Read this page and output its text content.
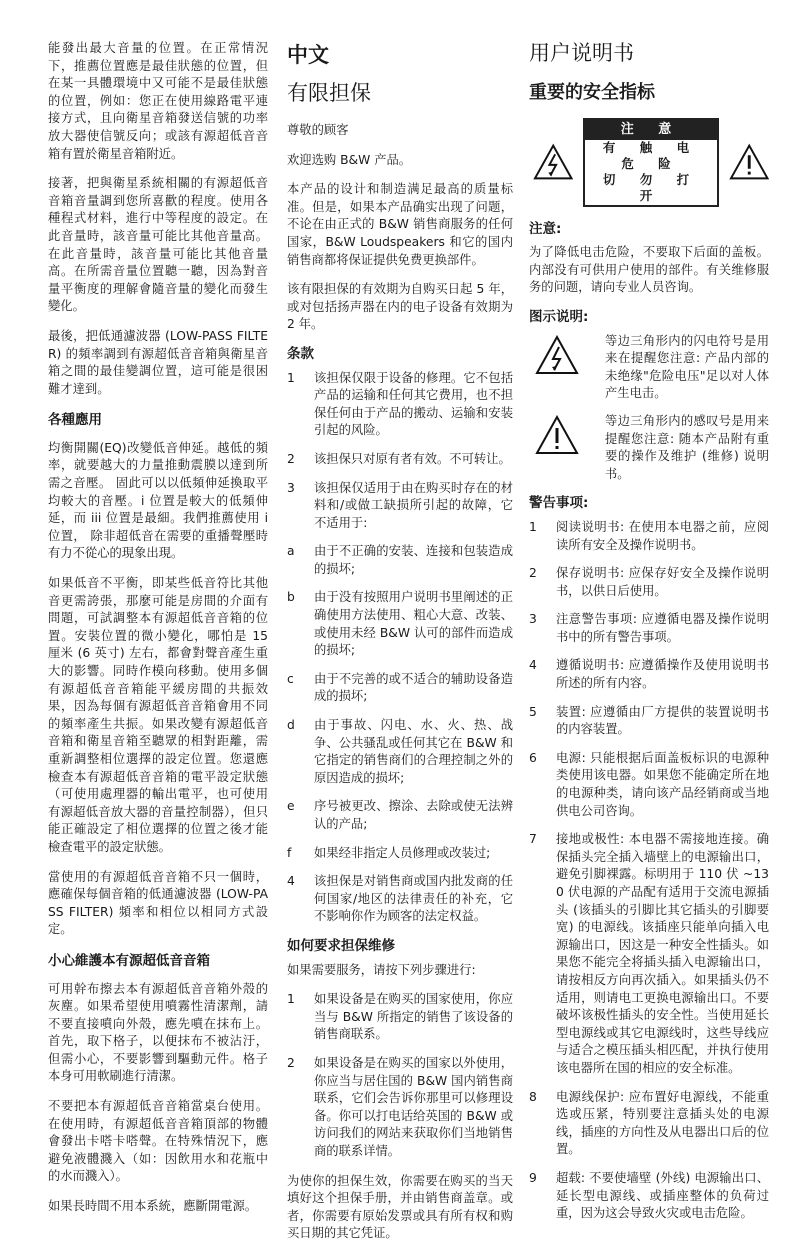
能發出最大音量的位置。在正常情況下，推薦位置應是最佳狀態的位置，但在某一具體環境中又可能不是最佳狀態的位置，例如：您正在使用線路電平連接方式，且向衛星音箱發送信號的功率放大器使信號反向；或該有源超低音音箱有置於衛星音箱附近。

接著，把與衛星系統相關的有源超低音音箱音量調到您所喜歡的程度。使用各種程式材料，進行中等程度的設定。在此音量時，該音量可能比其他音量高。在此音量時，該音量可能比其他音量高。在所需音量位置聽一聽，因為對音量平衡度的理解會隨音量的變化而發生變化。

最後，把低通濾波器 (LOW-PASS FILTER) 的頻率調到有源超低音音箱與衛星音箱之間的最佳變調位置，這可能是很困難才達到。

各種應用

均衡開關(EQ)改變低音伸延。越低的頻率，就要越大的力量推動震膜以達到所需之音壓。 固此可以以低頻伸延換取平均較大的音壓。i 位置是較大的低頻伸延，而 iii 位置是最細。我們推薦使用 i 位置， 除非超低音在需要的重播聲壓時有力不從心的現象出現。

如果低音不平衡，即某些低音符比其他音更需誇張，那麼可能是房間的介面有問題，可試調整本有源超低音音箱的位置。安裝位置的微小變化，哪怕是 15 厘米 (6 英寸) 左右，都會對聲音產生重大的影響。同時作模向移動。使用多個有源超低音音箱能平緩房間的共振效果，因為每個有源超低音音箱會用不同的頻率產生共振。如果改變有源超低音音箱和衛星音箱至聽眾的相對距離，需重新調整相位選擇的設定位置。您還應檢查本有源超低音音箱的電平設定狀態（可使用處理器的輸出電平，也可使用有源超低音放大器的音量控制器），但只能正確設定了相位選擇的位置之後才能檢查電平的設定狀態。

當使用的有源超低音音箱不只一個時，應確保每個音箱的低通濾波器 (LOW-PASS FILTER) 頻率和相位以相同方式設定。

小心維護本有源超低音音箱

可用幹布擦去本有源超低音音箱外殼的灰塵。如果希望使用噴霧性清潔劑，請不要直接噴向外殼，應先噴在抹布上。首先，取下格子，以便抹布不被沾汙，但需小心，不要影響到驅動元件。格子本身可用軟刷進行清潔。

不要把本有源超低音音箱當桌台使用。在使用時，有源超低音音箱頂部的物體會發出卡嗒卡嗒聲。在特殊情況下，應避免液體濺入（如：因飲用水和花瓶中的水而濺入）。

如果長時間不用本系統，應斷開電源。

中文
有限担保

尊敬的顾客

欢迎选购 B&W 产品。

本产品的设计和制造满足最高的质量标准。但是，如果本产品确实出现了问题，不论在由正式的 B&W 销售商服务的任何国家，B&W Loudspeakers 和它的国内销售商都将保证提供免费更换部件。

该有限担保的有效期为自购买日起 5 年，或对包括扬声器在内的电子设备有效期为 2 年。

条款
1 该担保仅限于设备的修理。它不包括产品的运输和任何其它费用，也不担保任何由于产品的搬动、运输和安装引起的风险。
2 该担保只对原有者有效。不可转让。
3 该担保仅适用于由在购买时存在的材料和/或做工缺损所引起的故障，它不适用于:
a 由于不正确的安装、连接和包装造成的损坏;
b 由于没有按照用户说明书里阐述的正确使用方法使用、粗心大意、改装、或使用未经 B&W 认可的部件而造成的损坏;
c 由于不完善的或不适合的辅助设备造成的损坏;
d 由于事故、闪电、水、火、热、战争、公共骚乱或任何其它在 B&W 和它指定的销售商们的合理控制之外的原因造成的损坏;
e 序号被更改、擦涂、去除或使无法辨认的产品;
f 如果经非指定人员修理或改装过;
4 该担保是对销售商或国内批发商的任何国家/地区的法律责任的补充，它不影响你作为顾客的法定权益。
如何要求担保维修

如果需要服务，请按下列步骤进行:

1 如果设备是在购买的国家使用，你应当与 B&W 所指定的销售了该设备的销售商联系。
2 如果设备是在购买的国家以外使用，你应当与居住国的 B&W 国内销售商联系，它们会告诉你那里可以修理设备。你可以打电话给英国的 B&W 或访问我们的网站来获取你们当地销售商的联系详情。

为使你的担保生效，你需要在购买的当天填好这个担保手册，并由销售商盖章。或者，你需要有原始发票或具有所有权和购买日期的其它凭证。

用户说明书
重要的安全指标
注 意
有 触 电 危 险
切 勿 打 开
注意:

为了降低电击危险，不要取下后面的盖板。内部没有可供用户使用的部件。有关维修服务的问题，请向专业人员咨询。

图示说明:

等边三角形内的闪电符号是用来在提醒您注意: 产品内部的未绝缘"危险电压"足以对人体产生电击。

等边三角形内的感叹号是用来提醒您注意: 随本产品附有重要的操作及维护 (维修) 说明书。

警告事项:
1 阅读说明书: 在使用本电器之前，应阅读所有安全及操作说明书。
2 保存说明书: 应保存好安全及操作说明书，以供日后使用。
3 注意警告事项: 应遵循电器及操作说明书中的所有警告事项。
4 遵循说明书: 应遵循操作及使用说明书所述的所有内容。
5 装置: 应遵循由厂方提供的装置说明书的内容装置。
6 电源: 只能根据后面盖板标识的电源种类使用该电器。如果您不能确定所在地的电源种类，请向该产品经销商或当地供电公司咨询。
7 接地或极性: 本电器不需接地连接。确保插头完全插入墙壁上的电源输出口，避免引脚裸露。标明用于 110 伏 ~130 伏电源的产品配有适用于交流电源插头 (该插头的引脚比其它插头的引脚要宽) 的电源线。该插座只能单向插入电源输出口，因这是一种安全性插头。如果您不能完全将插头插入电源输出口，请按相反方向再次插入。如果插头仍不适用，则请电工更换电源输出口。不要破坏该极性插头的安全性。当使用延长型电源线或其它电源线时，这些导线应与适合之模压插头相匹配，并执行使用该电器所在国的相应的安全标准。
8 电源线保护: 应布置好电源线，不能重选或压紧，特别要注意插头处的电源线，插座的方向性及从电器出口后的位置。
9 超载: 不要使墙壁 (外线) 电源输出口、延长型电源线、或插座整体的负荷过重，因为这会导致火灾或电击危险。
